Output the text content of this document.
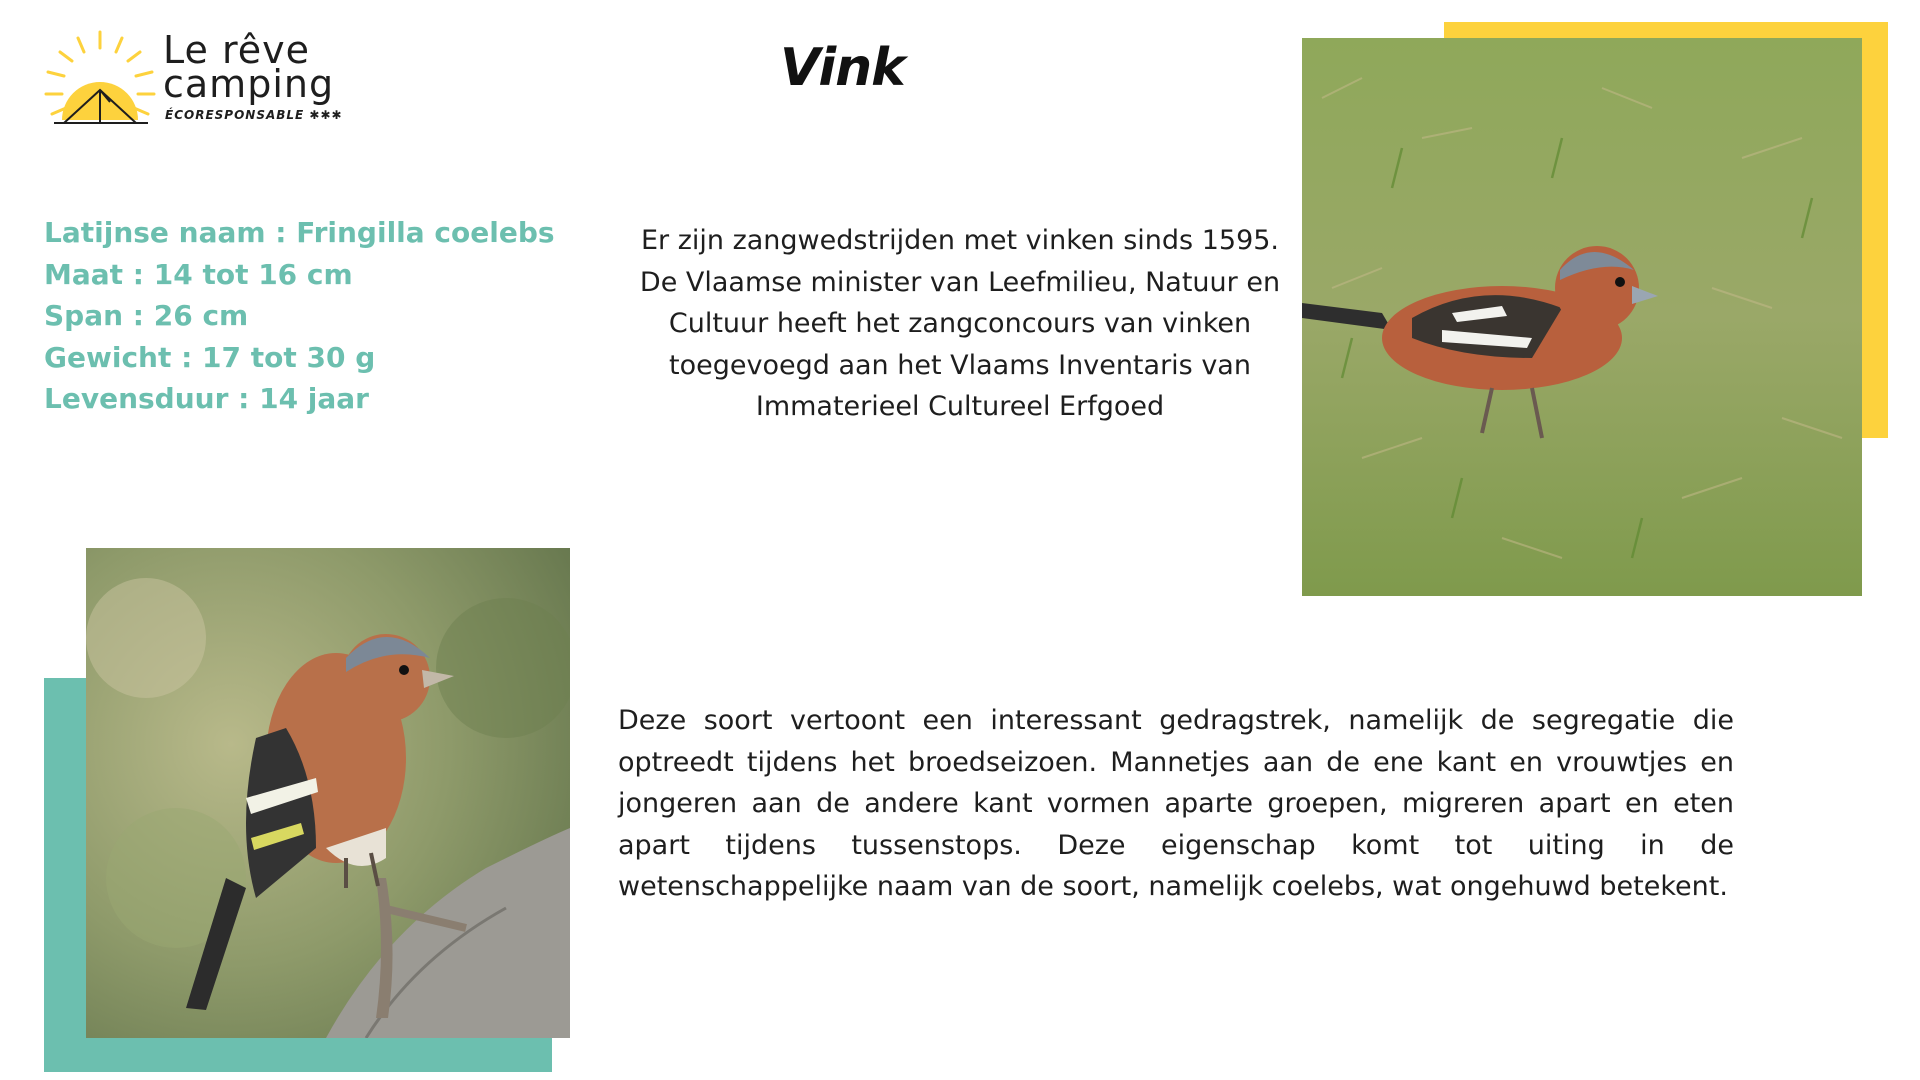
Le rêve
camping
ÉCORESPONSABLE ✱✱✱
Vink
Latijnse naam : Fringilla coelebs
Maat : 14 tot 16 cm
Span : 26 cm
Gewicht : 17 tot 30 g
Levensduur : 14 jaar

Er zijn zangwedstrijden met vinken sinds 1595. De Vlaamse minister van Leefmilieu, Natuur en Cultuur heeft het zangconcours van vinken toegevoegd aan het Vlaams Inventaris van Immaterieel Cultureel Erfgoed

Deze soort vertoont een interessant gedragstrek, namelijk de segregatie die optreedt tijdens het broedseizoen. Mannetjes aan de ene kant en vrouwtjes en jongeren aan de andere kant vormen aparte groepen, migreren apart en eten apart tijdens tussenstops. Deze eigenschap komt tot uiting in de wetenschappelijke naam van de soort, namelijk coelebs, wat ongehuwd betekent.
